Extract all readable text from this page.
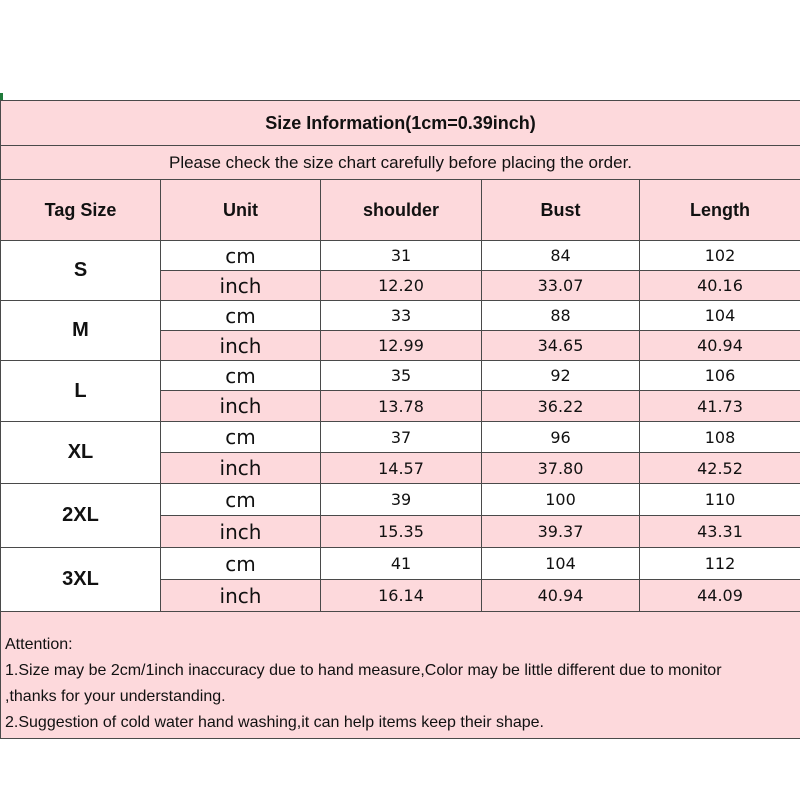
Size Information(1cm=0.39inch)				
Please check the size chart carefully before placing the order.				
Tag Size	Unit	shoulder	Bust	Length
S	cm	31	84	102
	inch	12.20	33.07	40.16
M	cm	33	88	104
	inch	12.99	34.65	40.94
L	cm	35	92	106
	inch	13.78	36.22	41.73
XL	cm	37	96	108
	inch	14.57	37.80	42.52
2XL	cm	39	100	110
	inch	15.35	39.37	43.31
3XL	cm	41	104	112
	inch	16.14	40.94	44.09

Attention:
1.Size may be 2cm/1inch inaccuracy due to hand measure,Color may be little different due to monitor
,thanks for your understanding.
2.Suggestion of cold water hand washing,it can help items keep their shape.				
